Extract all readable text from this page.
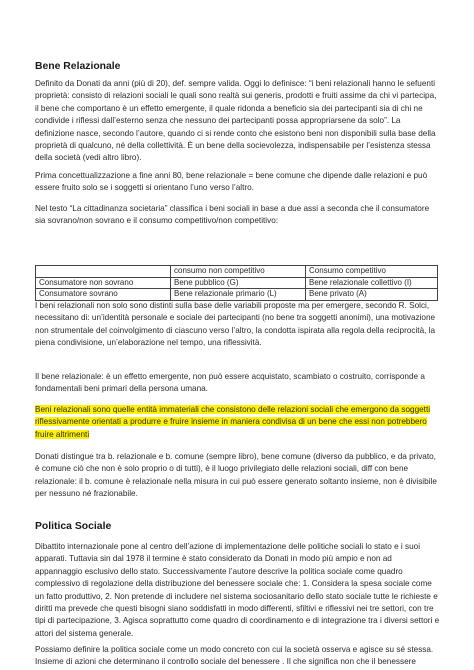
Bene Relazionale
Definito da Donati da anni (più di 20), def. sempre valida. Oggi lo definisce: “i beni relazionali hanno le sefuenti proprietà: consisto di relazioni sociali le quali sono realtà sui generis, prodotti e fruiti assime da chi vi partecipa, il bene che comportano è un effetto emergente, il quale ridonda a beneficio sia dei partecipanti sia di chi ne condivide i riflessi dall’esterno senza che nessuno dei partecipanti possa appropriarsene da solo”. La definizione nasce, secondo l’autore, quando ci si rende conto che esistono beni non disponibili sulla base della proprietà di qualcuno, né della collettività. È un bene della socievolezza, indispensabile per l’esistenza stessa della società (vedi altro libro).
Prima concettualizzazione a fine anni 80, bene relazionale = bene comune che dipende dalle relazioni e può essere fruito solo se i soggetti si orientano l’uno verso l’altro.
Nel testo “La cittadinanza societaria” classifica i beni sociali in base a due assi a seconda che il consumatore sia sovrano/non sovrano e il consumo competitivo/non competitivo:
	consumo non competitivo	Consumo competitivo
Consumatore non sovrano	Bene pubblico (G)	Bene relazionale collettivo (I)
Consumatore sovrano	Bene relazionale primario (L)	Bene privato (A)
I beni relazionali non solo sono distinti sulla base delle variabili proposte ma per emergere, secondo R. Solci, necessitano di: un’identità personale e sociale dei partecipanti (no bene tra soggetti anonimi), una motivazione non strumentale del coinvolgimento di ciascuno verso l’altro, la condotta ispirata alla regola della reciprocità, la piena condivisione, un’elaborazione nel tempo, una riflessività.
Il bene relazionale: è un effetto emergente, non può essere acquistato, scambiato o costruito, corrisponde a fondamentali beni primari della persona umana.
Beni relazionali sono quelle entità immateriali che consistono delle relazioni sociali che emergono da soggetti riflessivamente orientati a produrre e fruire insieme in maniera condivisa di un bene che essi non potrebbero fruire altrimenti
Donati distingue tra b. relazionale e b. comune (sempre libro), bene comune (diverso da pubblico, e da privato, è comune ciò che non è solo proprio o di tutti), è il luogo privilegiato delle relazioni sociali, diff con bene relazionale: il b. comune è relazionale nella misura in cui può essere generato soltanto insieme, non è divisibile per nessuno né frazionabile.
Politica Sociale
Dibattito internazionale pone al centro dell’azione di implementazione delle politiche sociali lo stato e i suoi apparati. Tuttavia sin dal 1978 il termine è stato considerato da Donati in modo più ampio e non ad appannaggio esclusivo dello stato. Successivamente l’autore descrive la politica sociale come quadro complessivo di regolazione della distribuzione del benessere sociale che: 1. Considera la spesa sociale come un fatto produttivo, 2. Non pretende di includere nel sistema sociosanitario dello stato sociale tutte le richieste e diritti ma prevede che questi bisogni siano soddisfatti in modo differenti, sfiltivi e riflessivi nei tre settori, con tre tipi di partecipazione, 3. Agisca soprattutto come quadro di coordinamento e di integrazione tra i diversi settori e attori del sistema generale.
Possiamo definire la politica sociale come un modo concreto con cui la società osserva e agisce su sé stessa. Insieme di azioni che determinano il controllo sociale del benessere . Il che significa non che il benessere
